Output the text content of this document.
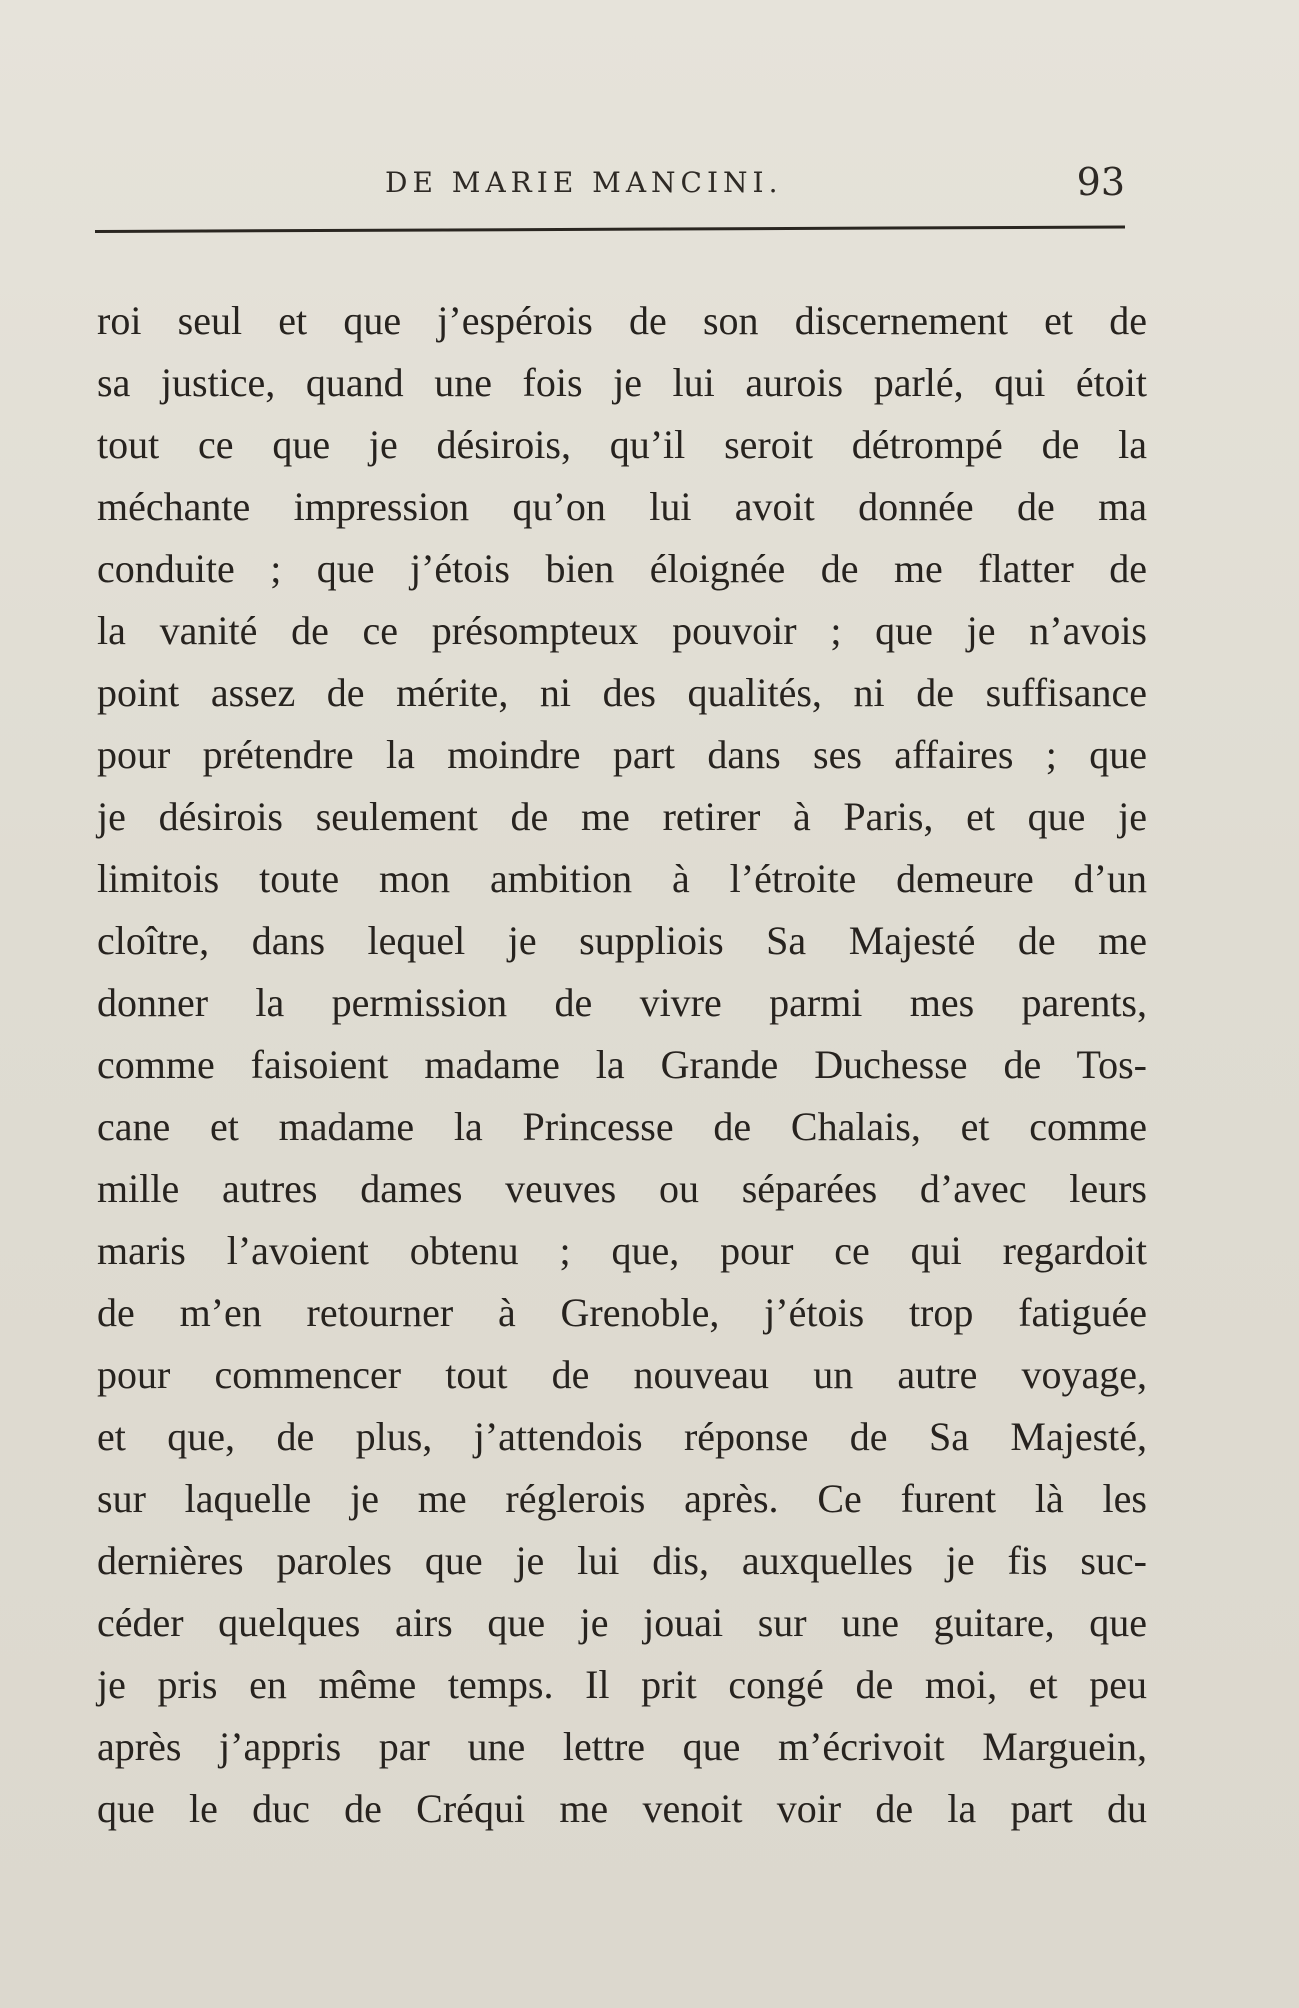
DE MARIE MANCINI.	93
roi seul et que j’espérois de son discernement et de
sa justice, quand une fois je lui aurois parlé, qui étoit
tout ce que je désirois, qu’il seroit détrompé de la
méchante impression qu’on lui avoit donnée de ma
conduite ; que j’étois bien éloignée de me flatter de
la vanité de ce présompteux pouvoir ; que je n’avois
point assez de mérite, ni des qualités, ni de suffisance
pour prétendre la moindre part dans ses affaires ; que
je désirois seulement de me retirer à Paris, et que je
limitois toute mon ambition à l’étroite demeure d’un
cloître, dans lequel je suppliois Sa Majesté de me
donner la permission de vivre parmi mes parents,
comme faisoient madame la Grande Duchesse de Tos-
cane et madame la Princesse de Chalais, et comme
mille autres dames veuves ou séparées d’avec leurs
maris l’avoient obtenu ; que, pour ce qui regardoit
de m’en retourner à Grenoble, j’étois trop fatiguée
pour commencer tout de nouveau un autre voyage,
et que, de plus, j’attendois réponse de Sa Majesté,
sur laquelle je me réglerois après. Ce furent là les
dernières paroles que je lui dis, auxquelles je fis suc-
céder quelques airs que je jouai sur une guitare, que
je pris en même temps. Il prit congé de moi, et peu
après j’appris par une lettre que m’écrivoit Marguein,
que le duc de Créqui me venoit voir de la part du
